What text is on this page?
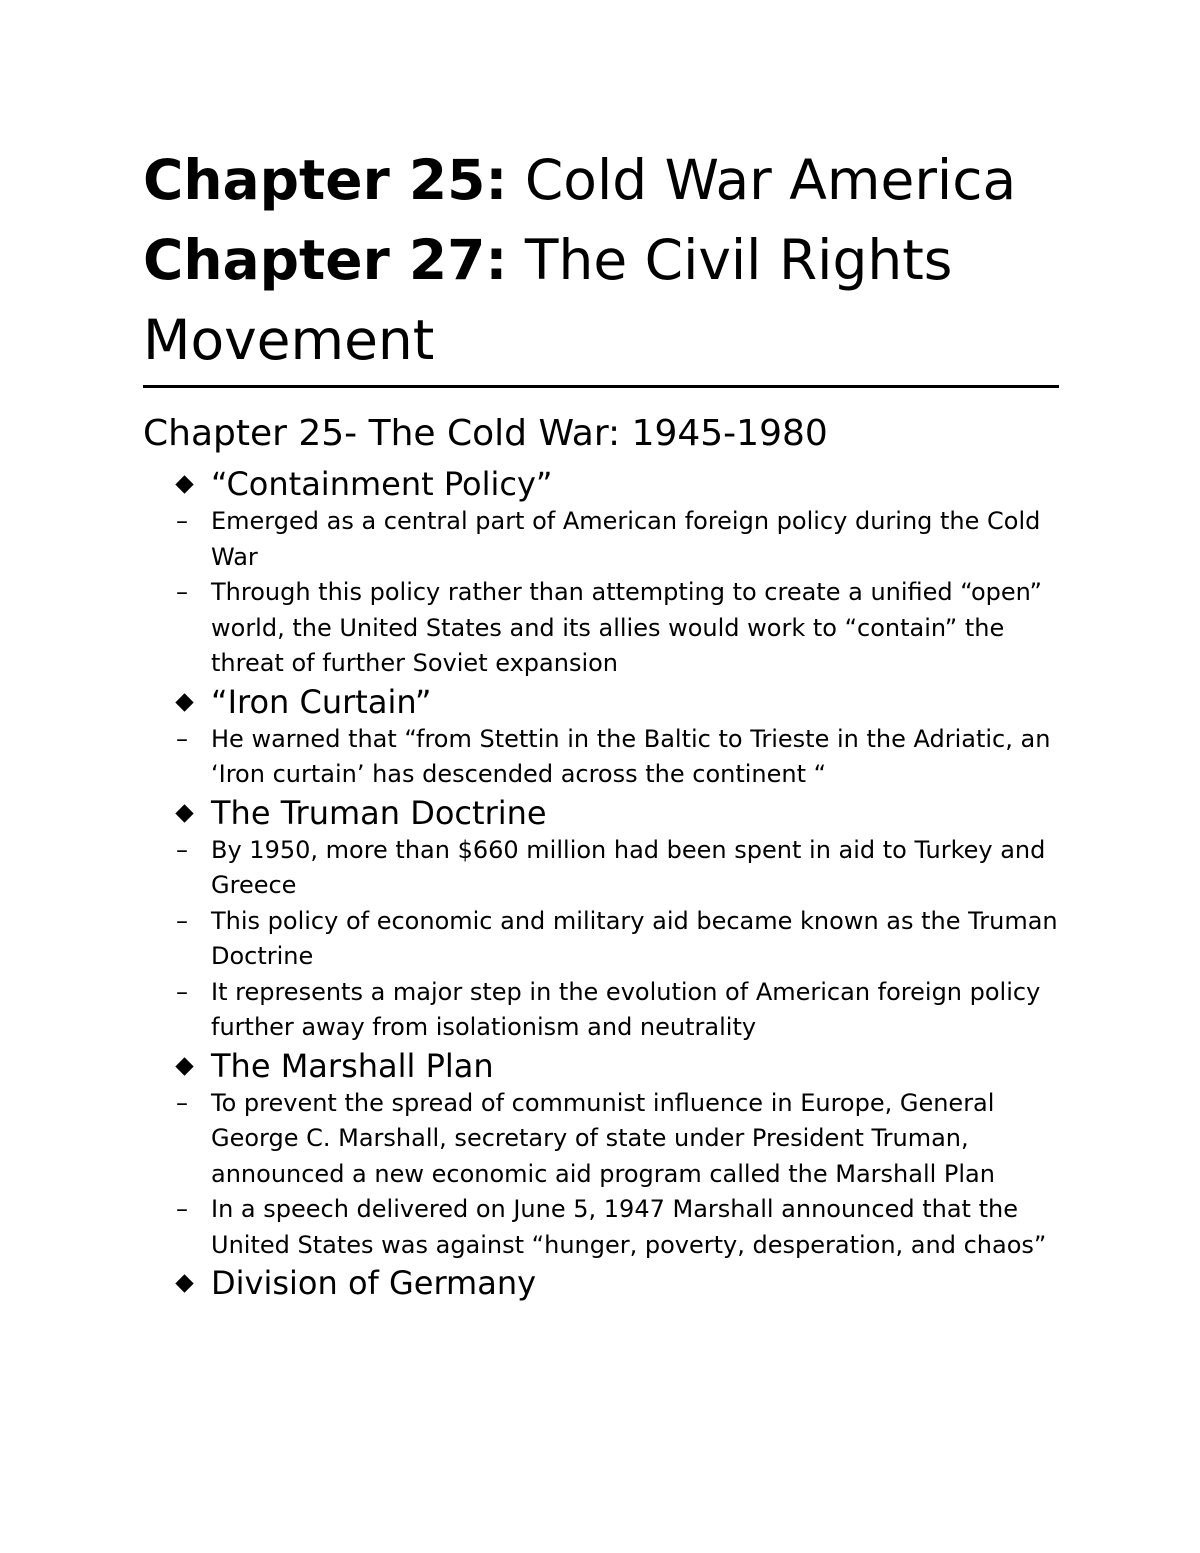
Chapter 25: Cold War America
Chapter 27: The Civil Rights Movement
Chapter 25- The Cold War: 1945-1980
“Containment Policy”
– Emerged as a central part of American foreign policy during the Cold War
– Through this policy rather than attempting to create a unified “open” world, the United States and its allies would work to “contain” the threat of further Soviet expansion
“Iron Curtain”
– He warned that “from Stettin in the Baltic to Trieste in the Adriatic, an ‘Iron curtain’ has descended across the continent “
The Truman Doctrine
– By 1950, more than $660 million had been spent in aid to Turkey and Greece
– This policy of economic and military aid became known as the Truman Doctrine
– It represents a major step in the evolution of American foreign policy further away from isolationism and neutrality
The Marshall Plan
– To prevent the spread of communist influence in Europe, General George C. Marshall, secretary of state under President Truman, announced a new economic aid program called the Marshall Plan
– In a speech delivered on June 5, 1947 Marshall announced that the United States was against “hunger, poverty, desperation, and chaos”
Division of Germany
